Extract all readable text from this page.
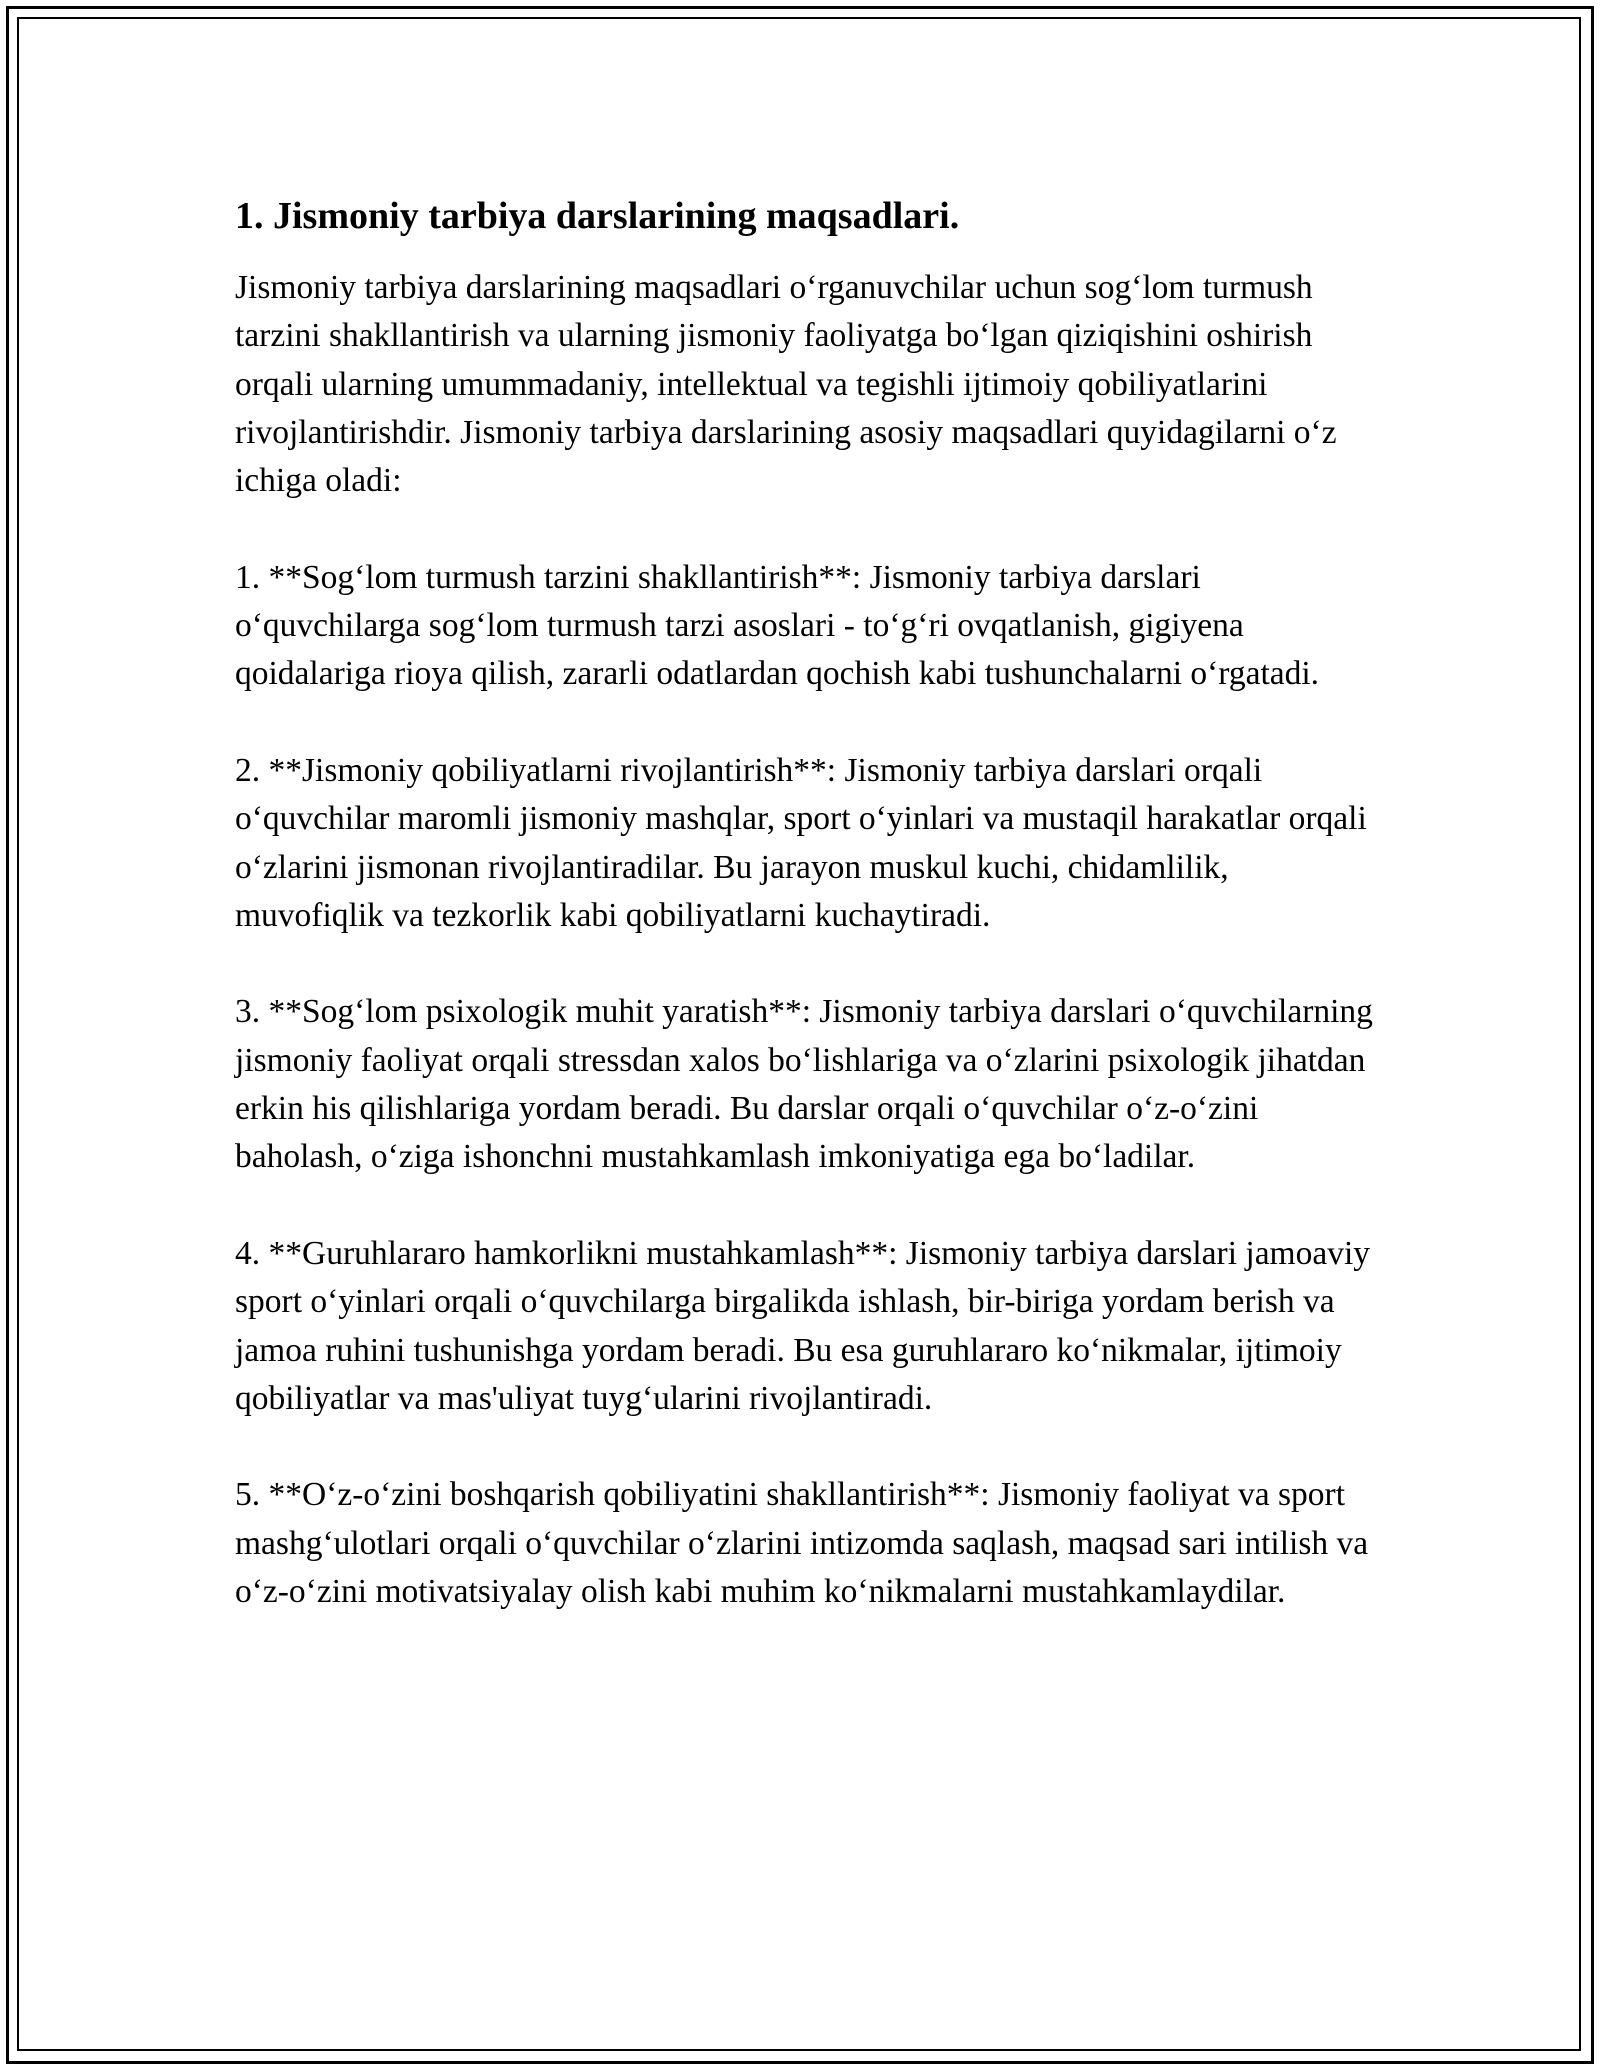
1. Jismoniy tarbiya darslarining maqsadlari.

Jismoniy tarbiya darslarining maqsadlari o‘rganuvchilar uchun sog‘lom turmush tarzini shakllantirish va ularning jismoniy faoliyatga bo‘lgan qiziqishini oshirish orqali ularning umummadaniy, intellektual va tegishli ijtimoiy qobiliyatlarini rivojlantirishdir. Jismoniy tarbiya darslarining asosiy maqsadlari quyidagilarni o‘z ichiga oladi:

1. **Sog‘lom turmush tarzini shakllantirish**: Jismoniy tarbiya darslari o‘quvchilarga sog‘lom turmush tarzi asoslari - to‘g‘ri ovqatlanish, gigiyena qoidalariga rioya qilish, zararli odatlardan qochish kabi tushunchalarni o‘rgatadi.

2. **Jismoniy qobiliyatlarni rivojlantirish**: Jismoniy tarbiya darslari orqali o‘quvchilar maromli jismoniy mashqlar, sport o‘yinlari va mustaqil harakatlar orqali o‘zlarini jismonan rivojlantiradilar. Bu jarayon muskul kuchi, chidamlilik, muvofiqlik va tezkorlik kabi qobiliyatlarni kuchaytiradi.

3. **Sog‘lom psixologik muhit yaratish**: Jismoniy tarbiya darslari o‘quvchilarning jismoniy faoliyat orqali stressdan xalos bo‘lishlariga va o‘zlarini psixologik jihatdan erkin his qilishlariga yordam beradi. Bu darslar orqali o‘quvchilar o‘z-o‘zini baholash, o‘ziga ishonchni mustahkamlash imkoniyatiga ega bo‘ladilar.

4. **Guruhlararo hamkorlikni mustahkamlash**: Jismoniy tarbiya darslari jamoaviy sport o‘yinlari orqali o‘quvchilarga birgalikda ishlash, bir-biriga yordam berish va jamoa ruhini tushunishga yordam beradi. Bu esa guruhlararo ko‘nikmalar, ijtimoiy qobiliyatlar va mas'uliyat tuyg‘ularini rivojlantiradi.

5. **O‘z-o‘zini boshqarish qobiliyatini shakllantirish**: Jismoniy faoliyat va sport mashg‘ulotlari orqali o‘quvchilar o‘zlarini intizomda saqlash, maqsad sari intilish va o‘z-o‘zini motivatsiyalay olish kabi muhim ko‘nikmalarni mustahkamlaydilar.
